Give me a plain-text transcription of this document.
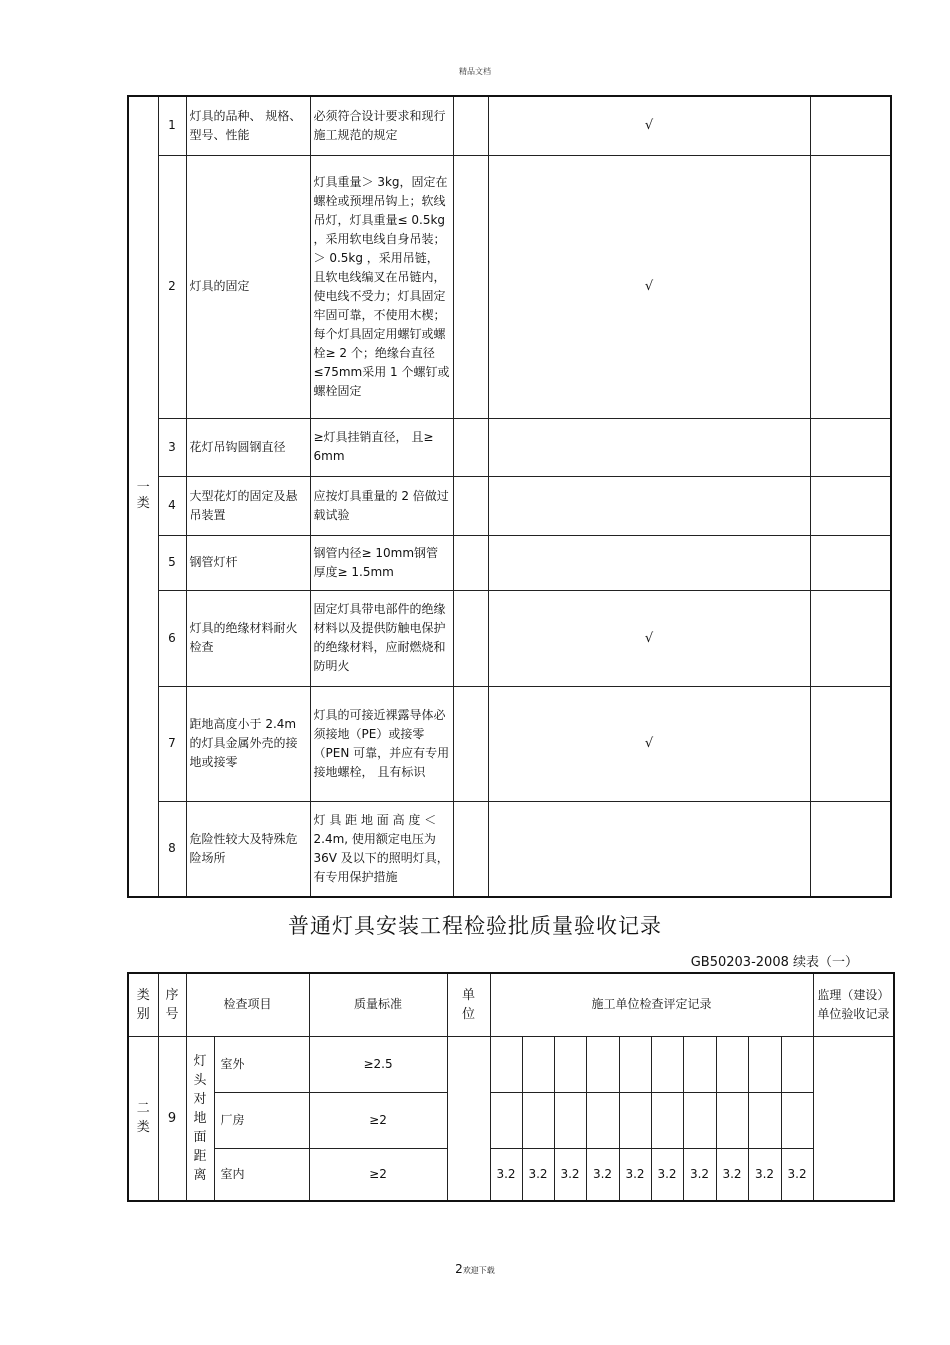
精品文档
一类	1	灯具的品种、 规格、型号、性能	必须符合设计要求和现行施工规范的规定		√	
	2	灯具的固定	灯具重量＞ 3kg，固定在螺栓或预埋吊钩上；软线吊灯，灯具重量≤ 0.5kg ，采用软电线自身吊装；＞ 0.5kg ，采用吊链，且软电线编叉在吊链内，使电线不受力；灯具固定牢固可靠，不使用木楔； 每个灯具固定用螺钉或螺栓≥ 2 个；绝缘台直径≤75mm采用 1 个螺钉或螺栓固定		√	
	3	花灯吊钩圆钢直径	≥灯具挂销直径， 且≥ 6mm			
	4	大型花灯的固定及悬吊装置	应按灯具重量的 2 倍做过载试验			
	5	钢管灯杆	钢管内径≥ 10mm钢管厚度≥ 1.5mm			
	6	灯具的绝缘材料耐火检查	固定灯具带电部件的绝缘材料以及提供防触电保护的绝缘材料，应耐燃烧和防明火		√	
	7	距地高度小于 2.4m的灯具金属外壳的接地或接零	灯具的可接近裸露导体必须接地（PE）或接零（PEN 可靠，并应有专用接地螺栓， 且有标识		√	
	8	危险性较大及特殊危险场所	灯 具 距 地 面 高 度 ＜ 2.4m, 使用额定电压为 36V 及以下的照明灯具，有专用保护措施			
普通灯具安装工程检验批质量验收记录
GB50203-2008 续表（一）
类别	序号	检查项目		质量标准	单位	施工单位检查评定记录										监理（建设）单位验收记录
二类	9	灯头对地面距离	室外	≥2.5												
			厂房	≥2												
			室内	≥2		3.2	3.2	3.2	3.2	3.2	3.2	3.2	3.2	3.2	3.2	
2欢迎下载
